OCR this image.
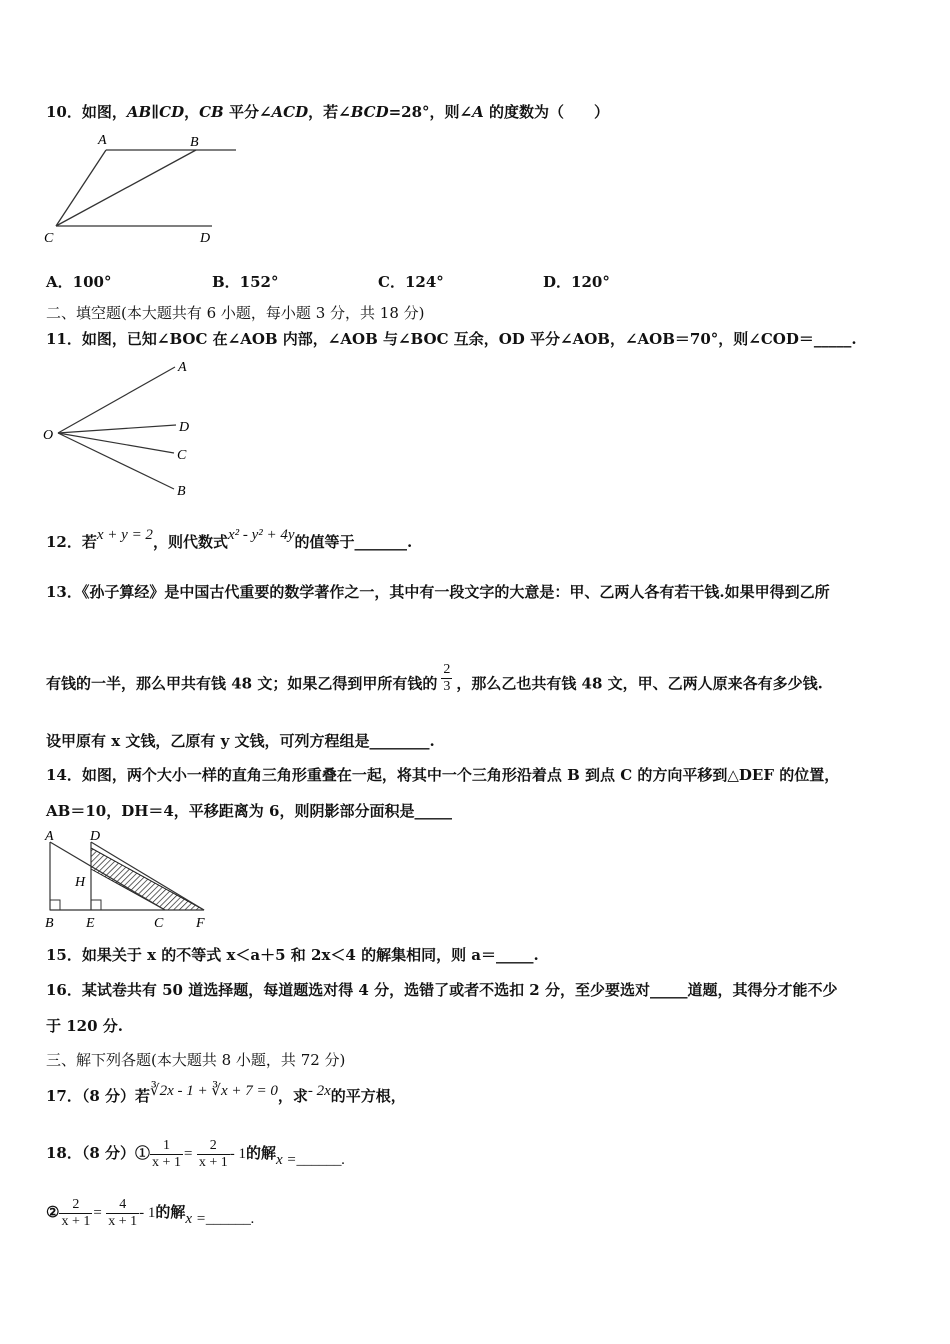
10．如图，AB∥CD，CB 平分∠ACD，若∠BCD=28°，则∠A 的度数为（　　）
A	B
C	D
A．100°	B．152°	C．124°	D．120°
二、填空题(本大题共有 6 小题，每小题 3 分，共 18 分)
11．如图，已知∠BOC 在∠AOB 内部，∠AOB 与∠BOC 互余，OD 平分∠AOB，∠AOB＝70°，则∠COD＝_____.
A
O
D
C
B
12．若x + y = 2，则代数式x² - y² + 4y的值等于_______.
13．《孙子算经》是中国古代重要的数学著作之一，其中有一段文字的大意是：甲、乙两人各有若干钱.如果甲得到乙所
有钱的一半，那么甲共有钱 48 文；如果乙得到甲所有钱的 $\frac{2}{3}$ ，那么乙也共有钱 48 文，甲、乙两人原来各有多少钱.
设甲原有 x 文钱，乙原有 y 文钱，可列方程组是________.
14．如图，两个大小一样的直角三角形重叠在一起，将其中一个三角形沿着点 B 到点 C 的方向平移到△DEF 的位置，
AB＝10，DH＝4，平移距离为 6，则阴影部分面积是_____
A	D
H
B E	C F
15．如果关于 x 的不等式 x＜a＋5 和 2x＜4 的解集相同，则 a＝_____.
16．某试卷共有 50 道选择题，每道题选对得 4 分，选错了或者不选扣 2 分，至少要选对_____道题，其得分才能不少
于 120 分.
三、解下列各题(本大题共 8 小题，共 72 分)
17．（8 分）若∛2x - 1 + ∛x + 7 = 0，求- 2x的平方根，
18．（8 分）① $\frac{1}{x + 1} = \frac{2}{x + 1} - 1$的解x =______.
② $\frac{2}{x + 1} = \frac{4}{x + 1} - 1$的解x =______.
